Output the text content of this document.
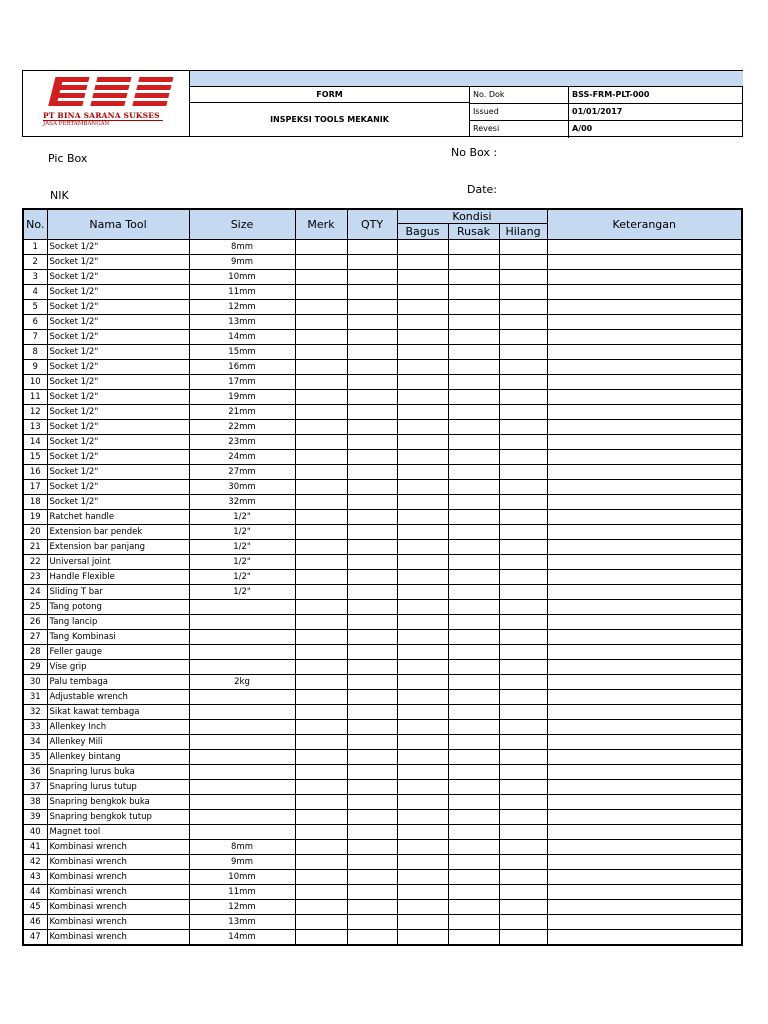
PT BINA SARANA SUKSES
JASA PERTAMBANGAN
FORM
INSPEKSI TOOLS MEKANIK
No. Dok	BSS-FRM-PLT-000
Issued	01/01/2017
Revesi	A/00
Pic Box	No Box :
NIK	Date:
No.	Nama Tool	Size	Merk	QTY	Kondisi			Keterangan
					Bagus	Rusak	Hilang	
1	Socket 1/2"	8mm						
2	Socket 1/2"	9mm						
3	Socket 1/2"	10mm						
4	Socket 1/2"	11mm						
5	Socket 1/2"	12mm						
6	Socket 1/2"	13mm						
7	Socket 1/2"	14mm						
8	Socket 1/2"	15mm						
9	Socket 1/2"	16mm						
10	Socket 1/2"	17mm						
11	Socket 1/2"	19mm						
12	Socket 1/2"	21mm						
13	Socket 1/2"	22mm						
14	Socket 1/2"	23mm						
15	Socket 1/2"	24mm						
16	Socket 1/2"	27mm						
17	Socket 1/2"	30mm						
18	Socket 1/2"	32mm						
19	Ratchet handle	1/2"						
20	Extension bar pendek	1/2"						
21	Extension bar panjang	1/2"						
22	Universal joint	1/2"						
23	Handle Flexible	1/2"						
24	Sliding T bar	1/2"						
25	Tang potong							
26	Tang lancip							
27	Tang Kombinasi							
28	Feller gauge							
29	Vise grip							
30	Palu tembaga	2kg						
31	Adjustable wrench							
32	Sikat kawat tembaga							
33	Allenkey Inch							
34	Allenkey Mili							
35	Allenkey bintang							
36	Snapring lurus buka							
37	Snapring lurus tutup							
38	Snapring bengkok buka							
39	Snapring bengkok tutup							
40	Magnet tool							
41	Kombinasi wrench	8mm						
42	Kombinasi wrench	9mm						
43	Kombinasi wrench	10mm						
44	Kombinasi wrench	11mm						
45	Kombinasi wrench	12mm						
46	Kombinasi wrench	13mm						
47	Kombinasi wrench	14mm						
